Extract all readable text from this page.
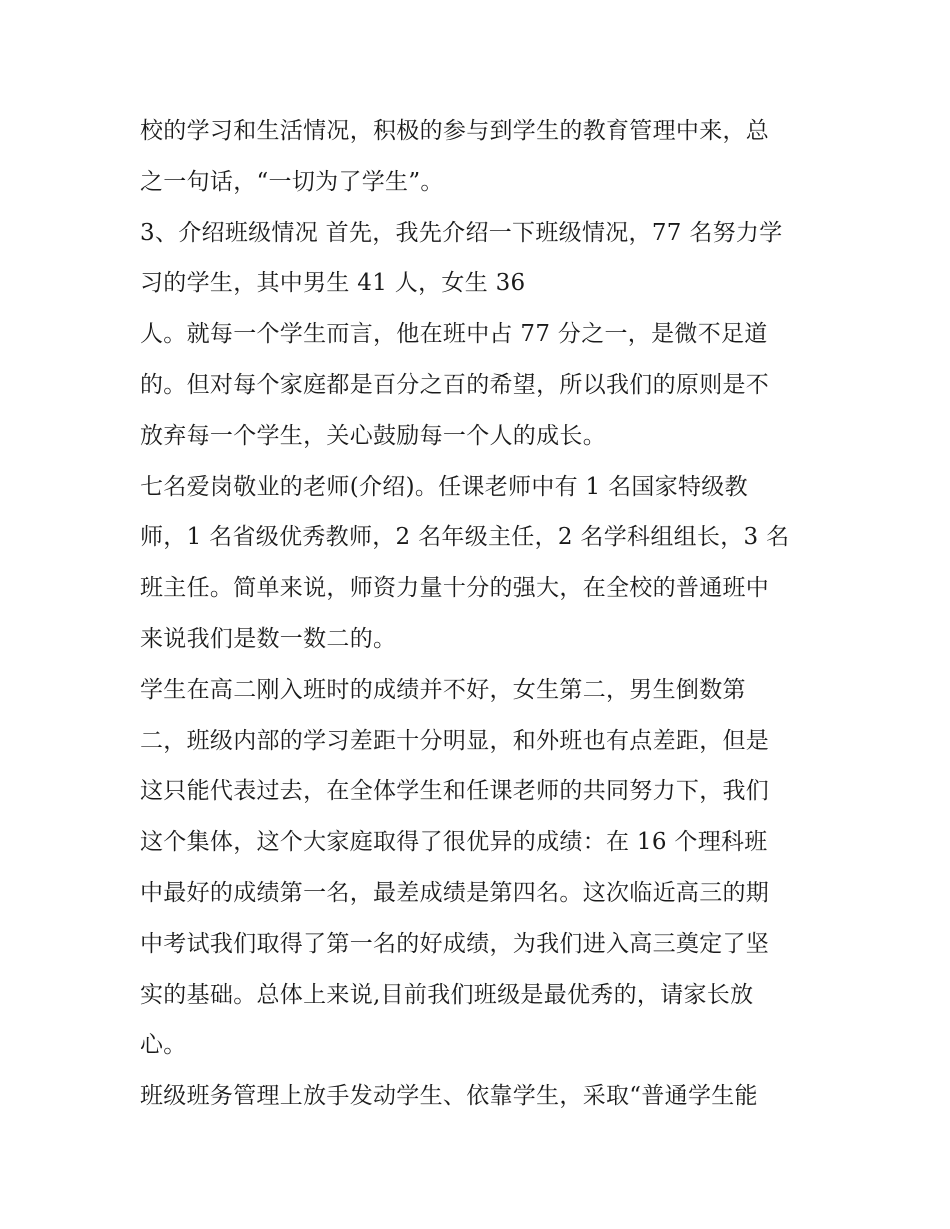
校的学习和生活情况，积极的参与到学生的教育管理中来，总

之一句话，“一切为了学生”。

3、介绍班级情况 首先，我先介绍一下班级情况，77 名努力学

习的学生，其中男生 41 人，女生 36

人。就每一个学生而言，他在班中占 77 分之一，是微不足道

的。但对每个家庭都是百分之百的希望，所以我们的原则是不

放弃每一个学生，关心鼓励每一个人的成长。

七名爱岗敬业的老师(介绍)。任课老师中有 1 名国家特级教

师，1 名省级优秀教师，2 名年级主任，2 名学科组组长，3 名

班主任。简单来说，师资力量十分的强大，在全校的普通班中

来说我们是数一数二的。

学生在高二刚入班时的成绩并不好，女生第二，男生倒数第

二，班级内部的学习差距十分明显，和外班也有点差距，但是

这只能代表过去，在全体学生和任课老师的共同努力下，我们

这个集体，这个大家庭取得了很优异的成绩：在 16 个理科班

中最好的成绩第一名，最差成绩是第四名。这次临近高三的期

中考试我们取得了第一名的好成绩，为我们进入高三奠定了坚

实的基础。总体上来说,目前我们班级是最优秀的，请家长放

心。

班级班务管理上放手发动学生、依靠学生，采取“普通学生能
